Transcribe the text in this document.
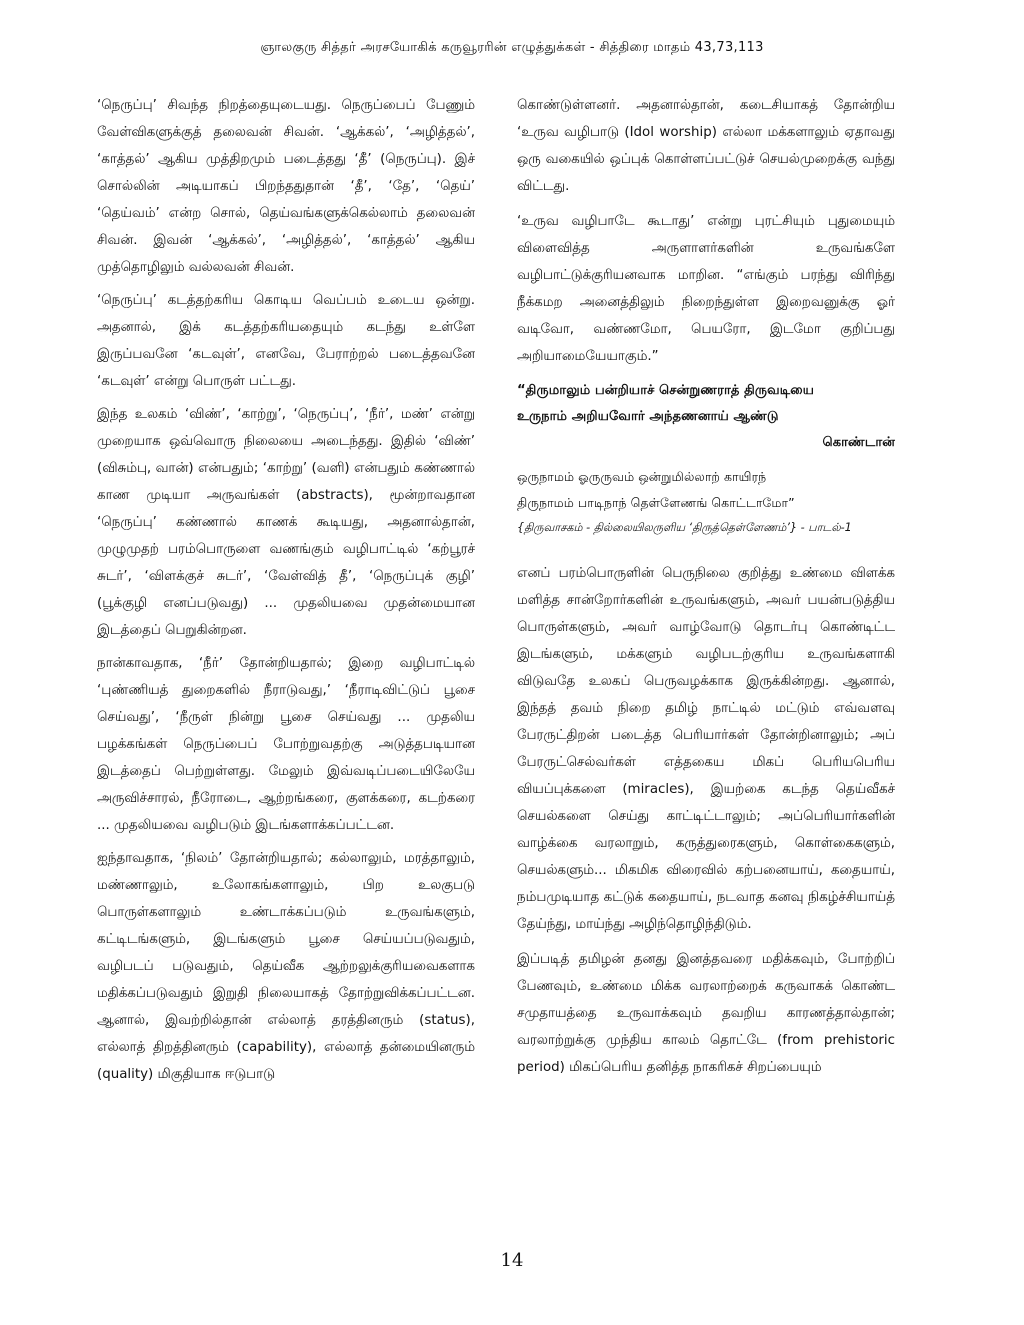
ஞாலகுரு சித்தர் அரசயோகிக் கருவூரரின் எழுத்துக்கள் - சித்திரை மாதம் 43,73,113

‘நெருப்பு’ சிவந்த நிறத்தையுடையது. நெருப்பைப் பேணும் வேள்விகளுக்குத் தலைவன் சிவன். ‘ஆக்கல்’, ‘அழித்தல்’, ‘காத்தல்’ ஆகிய முத்திறமும் படைத்தது ‘தீ’ (நெருப்பு). இச் சொல்லின் அடியாகப் பிறந்ததுதான் ‘தீ’, ‘தே’, ‘தெய்’ ‘தெய்வம்’ என்ற சொல், தெய்வங்களுக்கெல்லாம் தலைவன் சிவன். இவன் ‘ஆக்கல்’, ‘அழித்தல்’, ‘காத்தல்’ ஆகிய முத்தொழிலும் வல்லவன் சிவன்.

‘நெருப்பு’ கடத்தற்கரிய கொடிய வெப்பம் உடைய ஒன்று. அதனால், இக் கடத்தற்கரியதையும் கடந்து உள்ளே இருப்பவனே ‘கடவுள்’, எனவே, பேராற்றல் படைத்தவனே ‘கடவுள்’ என்று பொருள் பட்டது.

இந்த உலகம் ‘விண்’, ‘காற்று’, ‘நெருப்பு’, ‘நீர்’, மண்’ என்று முறையாக ஒவ்வொரு நிலையை அடைந்தது. இதில் ‘விண்’ (விசும்பு, வான்) என்பதும்; ‘காற்று’ (வளி) என்பதும் கண்ணால் காண முடியா அருவங்கள் (abstracts), மூன்றாவதான ‘நெருப்பு’ கண்ணால் காணக் கூடியது, அதனால்தான், முழுமுதற் பரம்பொருளை வணங்கும் வழிபாட்டில் ‘கற்பூரச் சுடர்’, ‘விளக்குச் சுடர்’, ‘வேள்வித் தீ’, ‘நெருப்புக் குழி’ (பூக்குழி எனப்படுவது) ... முதலியவை முதன்மையான இடத்தைப் பெறுகின்றன.

நான்காவதாக, ‘நீர்’ தோன்றியதால்; இறை வழிபாட்டில் ‘புண்ணியத் துறைகளில் நீராடுவது,’ ‘நீராடிவிட்டுப் பூசை செய்வது’, ‘நீருள் நின்று பூசை செய்வது ... முதலிய பழக்கங்கள் நெருப்பைப் போற்றுவதற்கு அடுத்தபடியான இடத்தைப் பெற்றுள்ளது. மேலும் இவ்வடிப்படையிலேயே அருவிச்சாரல், நீரோடை, ஆற்றங்கரை, குளக்கரை, கடற்கரை ... முதலியவை வழிபடும் இடங்களாக்கப்பட்டன.

ஐந்தாவதாக, ‘நிலம்’ தோன்றியதால்; கல்லாலும், மரத்தாலும், மண்ணாலும், உலோகங்களாலும், பிற உலகுபடு பொருள்களாலும் உண்டாக்கப்படும் உருவங்களும், கட்டிடங்களும், இடங்களும் பூசை செய்யப்படுவதும், வழிபடப் படுவதும், தெய்வீக ஆற்றலுக்குரியவைகளாக மதிக்கப்படுவதும் இறுதி நிலையாகத் தோற்றுவிக்கப்பட்டன. ஆனால், இவற்றில்தான் எல்லாத் தரத்தினரும் (status), எல்லாத் திறத்தினரும் (capability), எல்லாத் தன்மையினரும் (quality) மிகுதியாக ஈடுபாடு

கொண்டுள்ளனர். அதனால்தான், கடைசியாகத் தோன்றிய ‘உருவ வழிபாடு (Idol worship) எல்லா மக்களாலும் ஏதாவது ஒரு வகையில் ஒப்புக் கொள்ளப்பட்டுச் செயல்முறைக்கு வந்து விட்டது.

‘உருவ வழிபாடே கூடாது’ என்று புரட்சியும் புதுமையும் விளைவித்த அருளாளர்களின் உருவங்களே வழிபாட்டுக்குரியனவாக மாறின. “எங்கும் பரந்து விரிந்து நீக்கமற அனைத்திலும் நிறைந்துள்ள இறைவனுக்கு ஓர் வடிவோ, வண்ணமோ, பெயரோ, இடமோ குறிப்பது அறியாமையேயாகும்.”

“திருமாலும் பன்றியாச் சென்றுணராத் திருவடியை

உருநாம் அறியவோர் அந்தணனாய் ஆண்டு

கொண்டான்

ஒருநாமம் ஓருருவம் ஒன்றுமில்லாற் காயிரந்

திருநாமம் பாடிநாந் தெள்ளேணங் கொட்டாமோ”

{திருவாசகம் - தில்லையிலருளிய ‘திருத்தெள்ளேணம்’} - பாடல்-1

எனப் பரம்பொருளின் பெருநிலை குறித்து உண்மை விளக்க மளித்த சான்றோர்களின் உருவங்களும், அவர் பயன்படுத்திய பொருள்களும், அவர் வாழ்வோடு தொடர்பு கொண்டிட்ட இடங்களும், மக்களும் வழிபடற்குரிய உருவங்களாகி விடுவதே உலகப் பெருவழக்காக இருக்கின்றது. ஆனால், இந்தத் தவம் நிறை தமிழ் நாட்டில் மட்டும் எவ்வளவு பேரருட்திறன் படைத்த பெரியார்கள் தோன்றினாலும்; அப் பேரருட்செல்வர்கள் எத்தகைய மிகப் பெரியபெரிய வியப்புக்களை (miracles), இயற்கை கடந்த தெய்வீகச் செயல்களை செய்து காட்டிட்டாலும்; அப்பெரியார்களின் வாழ்க்கை வரலாறும், கருத்துரைகளும், கொள்கைகளும், செயல்களும்... மிகமிக விரைவில் கற்பனையாய், கதையாய், நம்பமுடியாத கட்டுக் கதையாய், நடவாத கனவு நிகழ்ச்சியாய்த் தேய்ந்து, மாய்ந்து அழிந்தொழிந்திடும்.

இப்படித் தமிழன் தனது இனத்தவரை மதிக்கவும், போற்றிப் பேணவும், உண்மை மிக்க வரலாற்றைக் கருவாகக் கொண்ட சமுதாயத்தை உருவாக்கவும் தவறிய காரணத்தால்தான்; வரலாற்றுக்கு முந்திய காலம் தொட்டே (from prehistoric period) மிகப்பெரிய தனித்த நாகரிகச் சிறப்பையும்

14
